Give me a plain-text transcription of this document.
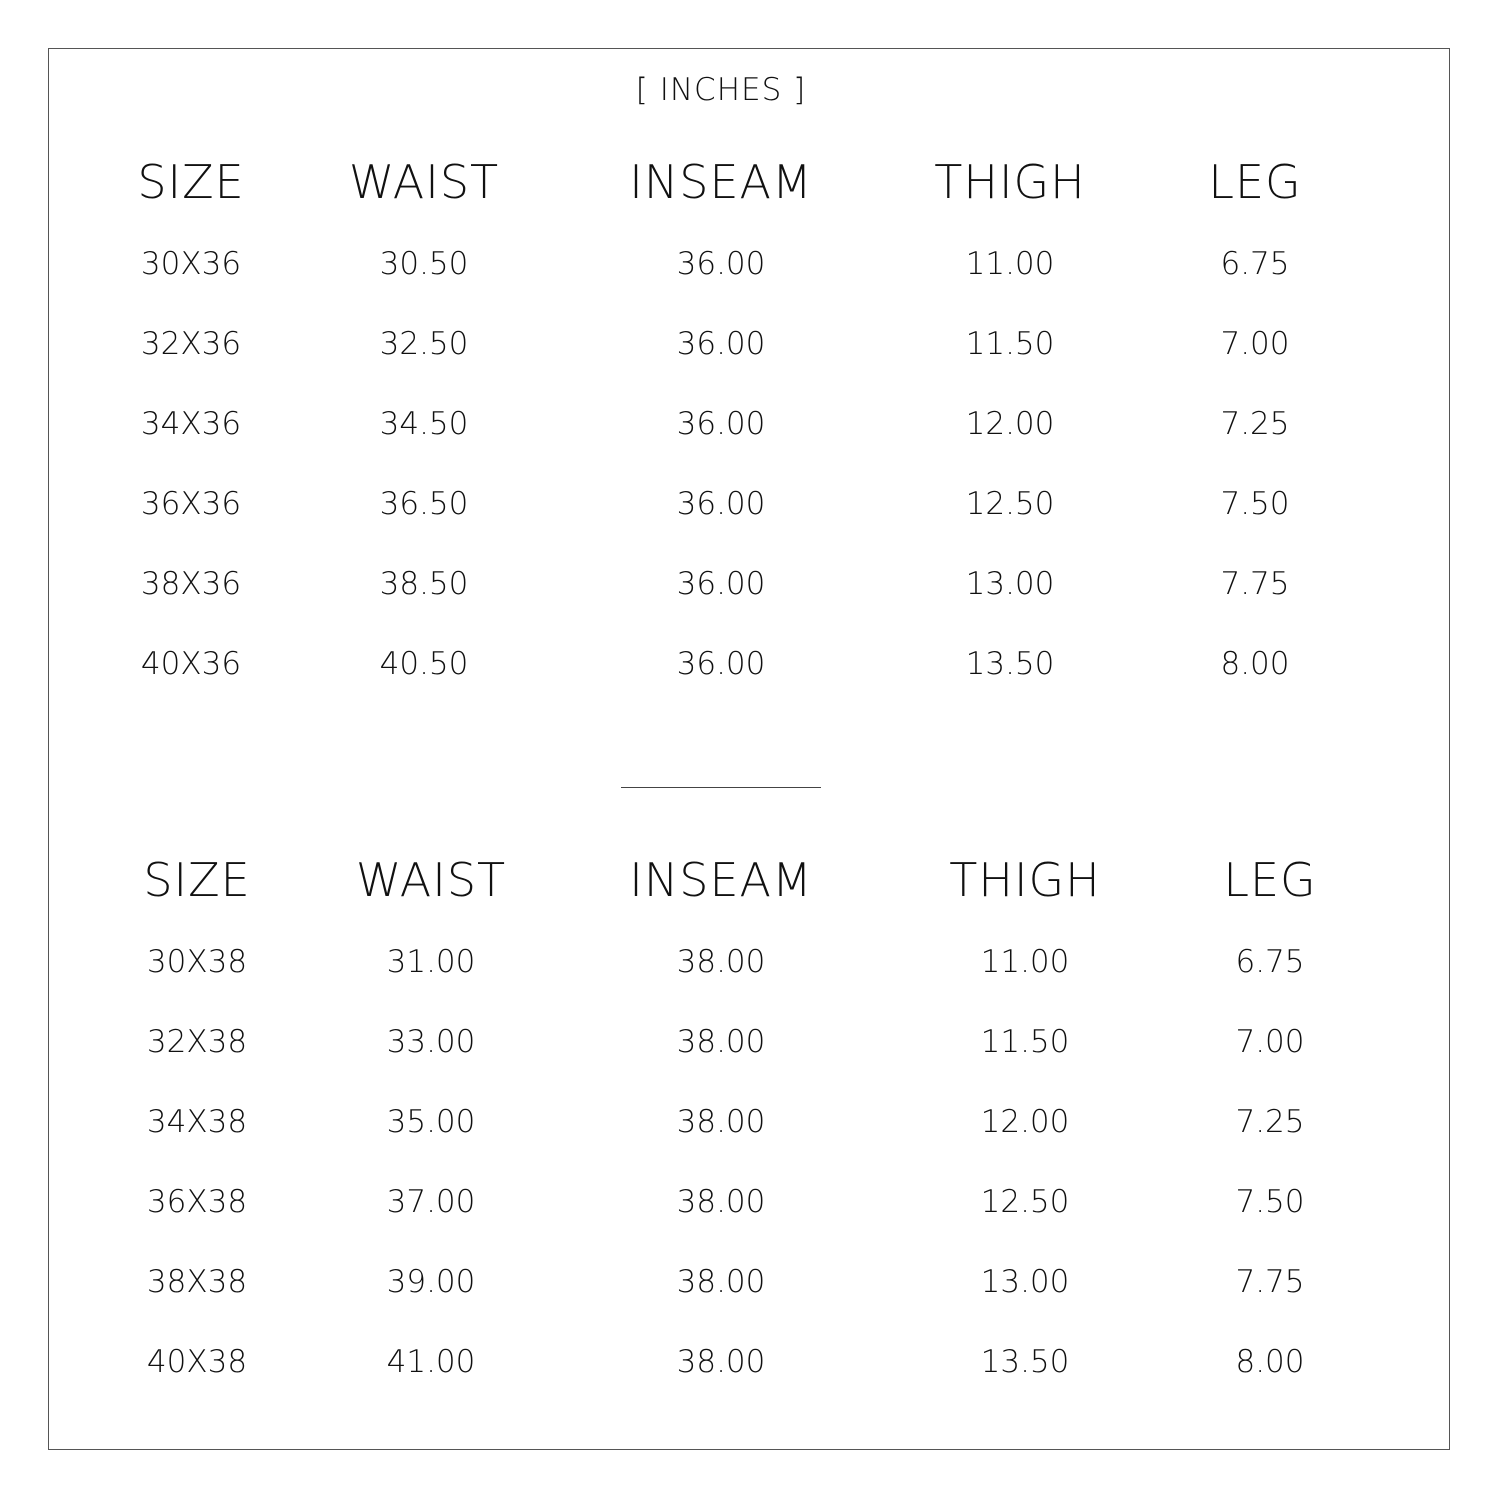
[ INCHES ]
SIZE	WAIST	INSEAM	THIGH	LEG
30X36	30.50	36.00	11.00	6.75
32X36	32.50	36.00	11.50	7.00
34X36	34.50	36.00	12.00	7.25
36X36	36.50	36.00	12.50	7.50
38X36	38.50	36.00	13.00	7.75
40X36	40.50	36.00	13.50	8.00
SIZE	WAIST	INSEAM	THIGH	LEG
30X38	31.00	38.00	11.00	6.75
32X38	33.00	38.00	11.50	7.00
34X38	35.00	38.00	12.00	7.25
36X38	37.00	38.00	12.50	7.50
38X38	39.00	38.00	13.00	7.75
40X38	41.00	38.00	13.50	8.00
